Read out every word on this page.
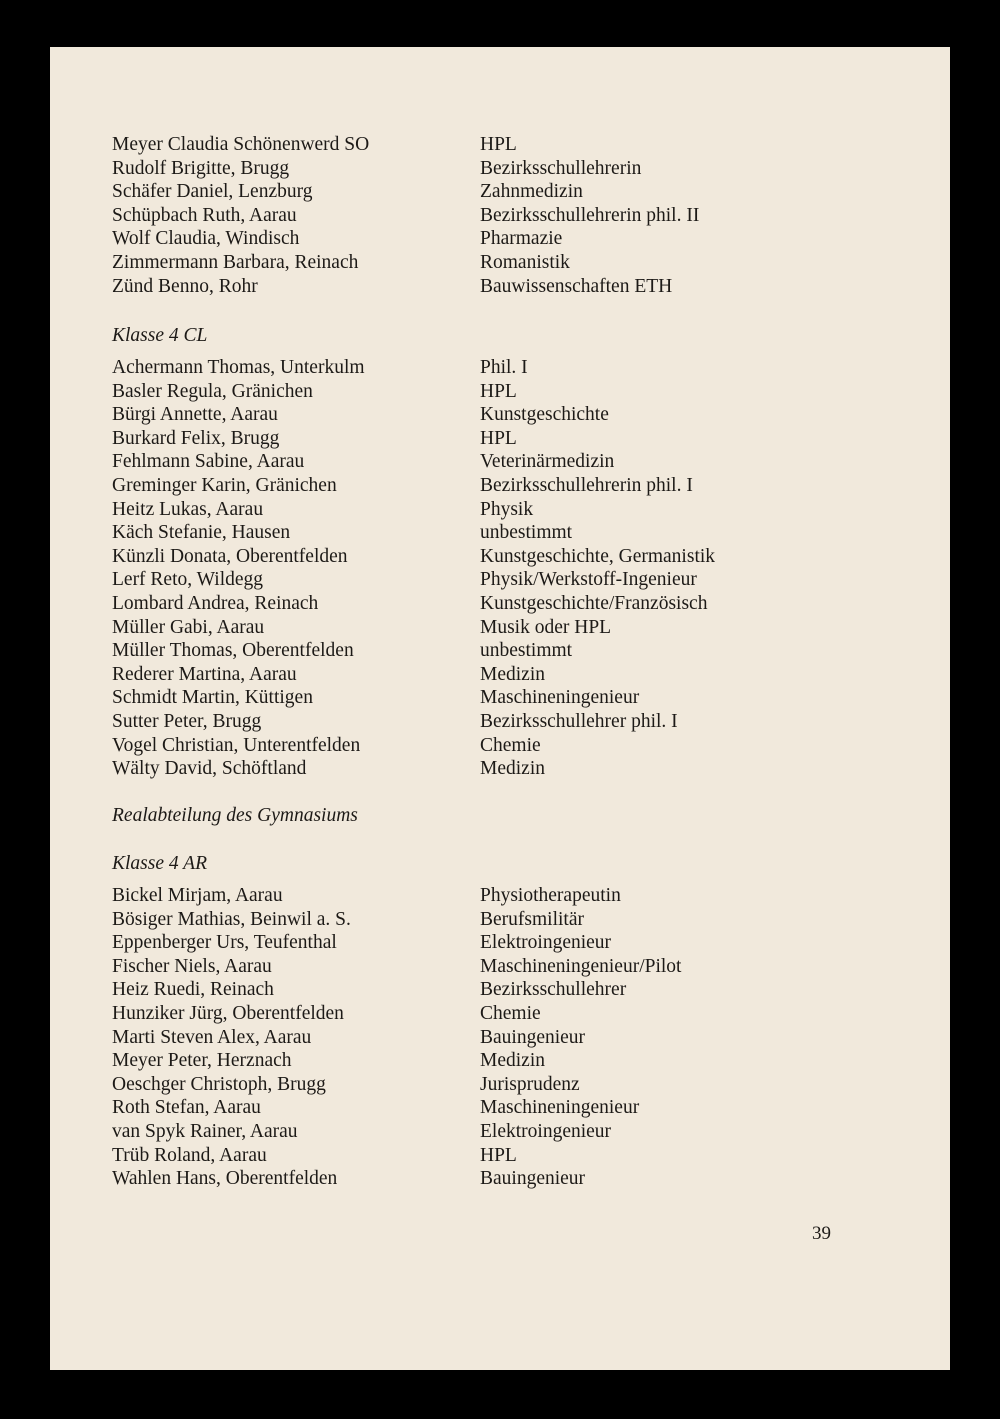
Meyer Claudia Schönenwerd SO	HPL
Rudolf Brigitte, Brugg	Bezirksschullehrerin
Schäfer Daniel, Lenzburg	Zahnmedizin
Schüpbach Ruth, Aarau	Bezirksschullehrerin phil. II
Wolf Claudia, Windisch	Pharmazie
Zimmermann Barbara, Reinach	Romanistik
Zünd Benno, Rohr	Bauwissenschaften ETH
Klasse 4 CL
Achermann Thomas, Unterkulm	Phil. I
Basler Regula, Gränichen	HPL
Bürgi Annette, Aarau	Kunstgeschichte
Burkard Felix, Brugg	HPL
Fehlmann Sabine, Aarau	Veterinärmedizin
Greminger Karin, Gränichen	Bezirksschullehrerin phil. I
Heitz Lukas, Aarau	Physik
Käch Stefanie, Hausen	unbestimmt
Künzli Donata, Oberentfelden	Kunstgeschichte, Germanistik
Lerf Reto, Wildegg	Physik/Werkstoff-Ingenieur
Lombard Andrea, Reinach	Kunstgeschichte/Französisch
Müller Gabi, Aarau	Musik oder HPL
Müller Thomas, Oberentfelden	unbestimmt
Rederer Martina, Aarau	Medizin
Schmidt Martin, Küttigen	Maschineningenieur
Sutter Peter, Brugg	Bezirksschullehrer phil. I
Vogel Christian, Unterentfelden	Chemie
Wälty David, Schöftland	Medizin
Realabteilung des Gymnasiums
Klasse 4 AR
Bickel Mirjam, Aarau	Physiotherapeutin
Bösiger Mathias, Beinwil a. S.	Berufsmilitär
Eppenberger Urs, Teufenthal	Elektroingenieur
Fischer Niels, Aarau	Maschineningenieur/Pilot
Heiz Ruedi, Reinach	Bezirksschullehrer
Hunziker Jürg, Oberentfelden	Chemie
Marti Steven Alex, Aarau	Bauingenieur
Meyer Peter, Herznach	Medizin
Oeschger Christoph, Brugg	Jurisprudenz
Roth Stefan, Aarau	Maschineningenieur
van Spyk Rainer, Aarau	Elektroingenieur
Trüb Roland, Aarau	HPL
Wahlen Hans, Oberentfelden	Bauingenieur
39
